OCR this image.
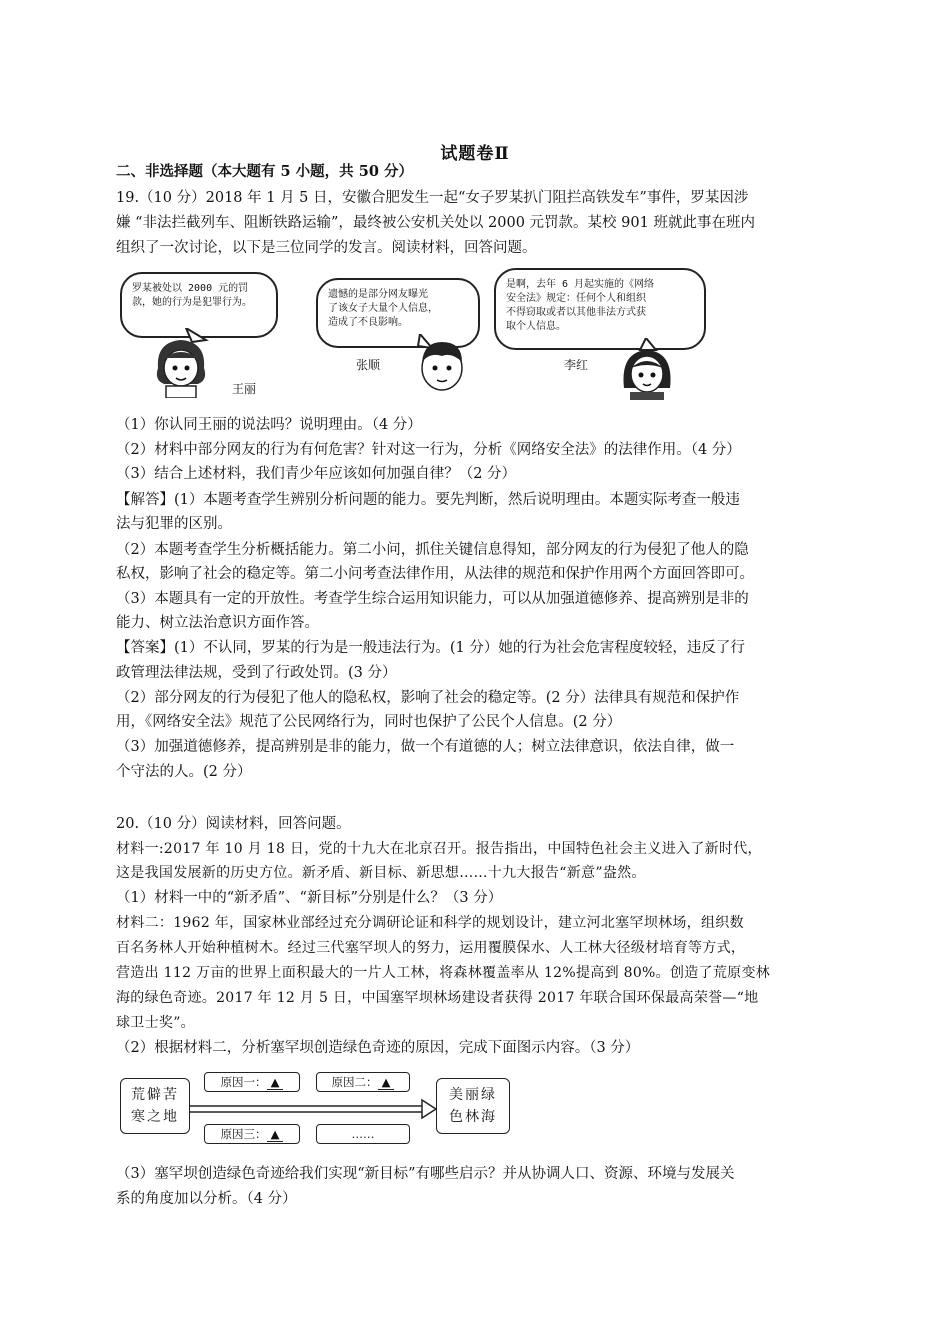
试题卷Ⅱ
二、非选择题（本大题有 5 小题，共 50 分）
19.（10 分）2018 年 1 月 5 日，安徽合肥发生一起“女子罗某扒门阻拦高铁发车”事件，罗某因涉
嫌 “非法拦截列车、阻断铁路运输”，最终被公安机关处以 2000 元罚款。某校 901 班就此事在班内
组织了一次讨论，以下是三位同学的发言。阅读材料，回答问题。
罗某被处以 2000 元的罚
款，她的行为是犯罪行为。
王丽
遗憾的是部分网友曝光
了该女子大量个人信息，
造成了不良影响。
张顺
是啊，去年 6 月起实施的《网络
安全法》规定：任何个人和组织
不得窃取或者以其他非法方式获
取个人信息。
李红
（1）你认同王丽的说法吗？说明理由。（4 分）
（2）材料中部分网友的行为有何危害？针对这一行为，分析《网络安全法》的法律作用。（4 分）
（3）结合上述材料，我们青少年应该如何加强自律？（2 分）
【解答】(1）本题考查学生辨别分析问题的能力。要先判断，然后说明理由。本题实际考查一般违
法与犯罪的区别。
（2）本题考查学生分析概括能力。第二小问，抓住关键信息得知，部分网友的行为侵犯了他人的隐
私权，影响了社会的稳定等。第二小问考查法律作用，从法律的规范和保护作用两个方面回答即可。
（3）本题具有一定的开放性。考查学生综合运用知识能力，可以从加强道德修养、提高辨别是非的
能力、树立法治意识方面作答。
【答案】(1）不认同，罗某的行为是一般违法行为。(1 分）她的行为社会危害程度较轻，违反了行
政管理法律法规，受到了行政处罚。(3 分）
（2）部分网友的行为侵犯了他人的隐私权，影响了社会的稳定等。(2 分）法律具有规范和保护作
用，《网络安全法》规范了公民网络行为，同时也保护了公民个人信息。(2 分）
（3）加强道德修养，提高辨别是非的能力，做一个有道德的人；树立法律意识，依法自律，做一
个守法的人。(2 分）
20.（10 分）阅读材料，回答问题。
材料一:2017 年 10 月 18 日，党的十九大在北京召开。报告指出，中国特色社会主义进入了新时代，
这是我国发展新的历史方位。新矛盾、新目标、新思想……十九大报告“新意”盎然。
（1）材料一中的“新矛盾”、“新目标”分别是什么？（3 分）
材料二：1962 年，国家林业部经过充分调研论证和科学的规划设计，建立河北塞罕坝林场，组织数
百名务林人开始种植树木。经过三代塞罕坝人的努力，运用覆膜保水、人工林大径级材培育等方式，
营造出 112 万亩的世界上面积最大的一片人工林，将森林覆盖率从 12%提高到 80%。创造了荒原变林
海的绿色奇迹。2017 年 12 月 5 日，中国塞罕坝林场建设者获得 2017 年联合国环保最高荣誉—“地
球卫士奖”。
（2）根据材料二，分析塞罕坝创造绿色奇迹的原因，完成下面图示内容。（3 分）
荒僻苦
寒之地
原因一： ▲	原因二： ▲
原因三： ▲	……
美丽绿
色林海
（3）塞罕坝创造绿色奇迹给我们实现“新目标”有哪些启示？并从协调人口、资源、环境与发展关
系的角度加以分析。（4 分）
